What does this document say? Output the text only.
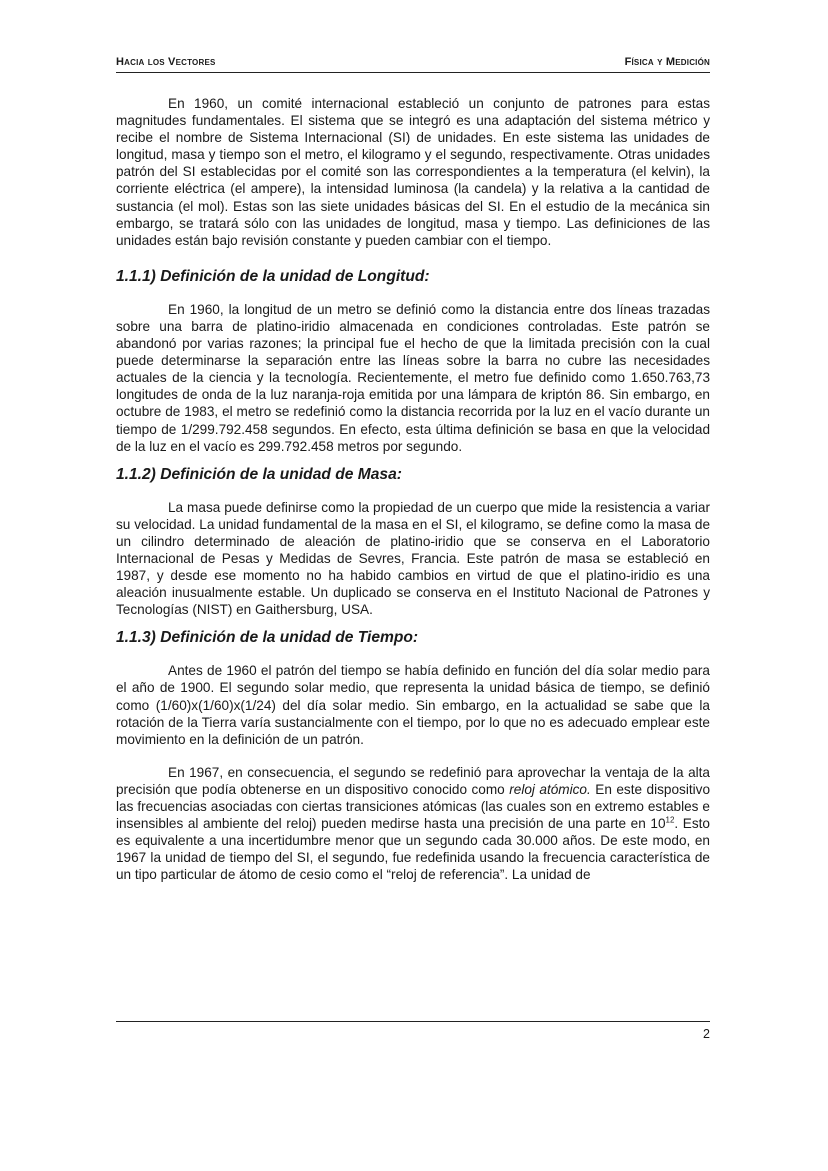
Hacia los Vectores	Física y Medición

En 1960, un comité internacional estableció un conjunto de patrones para estas magnitudes fundamentales. El sistema que se integró es una adaptación del sistema métrico y recibe el nombre de Sistema Internacional (SI) de unidades. En este sistema las unidades de longitud, masa y tiempo son el metro, el kilogramo y el segundo, respectivamente. Otras unidades patrón del SI establecidas por el comité son las correspondientes a la temperatura (el kelvin), la corriente eléctrica (el ampere), la intensidad luminosa (la candela) y la relativa a la cantidad de sustancia (el mol). Estas son las siete unidades básicas del SI. En el estudio de la mecánica sin embargo, se tratará sólo con las unidades de longitud, masa y tiempo. Las definiciones de las unidades están bajo revisión constante y pueden cambiar con el tiempo.

1.1.1) Definición de la unidad de Longitud:

En 1960, la longitud de un metro se definió como la distancia entre dos líneas trazadas sobre una barra de platino-iridio almacenada en condiciones controladas. Este patrón se abandonó por varias razones; la principal fue el hecho de que la limitada precisión con la cual puede determinarse la separación entre las líneas sobre la barra no cubre las necesidades actuales de la ciencia y la tecnología. Recientemente, el metro fue definido como 1.650.763,73 longitudes de onda de la luz naranja-roja emitida por una lámpara de kriptón 86. Sin embargo, en octubre de 1983, el metro se redefinió como la distancia recorrida por la luz en el vacío durante un tiempo de 1/299.792.458 segundos. En efecto, esta última definición se basa en que la velocidad de la luz en el vacío es 299.792.458 metros por segundo.

1.1.2) Definición de la unidad de Masa:

La masa puede definirse como la propiedad de un cuerpo que mide la resistencia a variar su velocidad. La unidad fundamental de la masa en el SI, el kilogramo, se define como la masa de un cilindro determinado de aleación de platino-iridio que se conserva en el Laboratorio Internacional de Pesas y Medidas de Sevres, Francia. Este patrón de masa se estableció en 1987, y desde ese momento no ha habido cambios en virtud de que el platino-iridio es una aleación inusualmente estable. Un duplicado se conserva en el Instituto Nacional de Patrones y Tecnologías (NIST) en Gaithersburg, USA.

1.1.3) Definición de la unidad de Tiempo:

Antes de 1960 el patrón del tiempo se había definido en función del día solar medio para el año de 1900. El segundo solar medio, que representa la unidad básica de tiempo, se definió como (1/60)x(1/60)x(1/24) del día solar medio. Sin embargo, en la actualidad se sabe que la rotación de la Tierra varía sustancialmente con el tiempo, por lo que no es adecuado emplear este movimiento en la definición de un patrón.

En 1967, en consecuencia, el segundo se redefinió para aprovechar la ventaja de la alta precisión que podía obtenerse en un dispositivo conocido como reloj atómico. En este dispositivo las frecuencias asociadas con ciertas transiciones atómicas (las cuales son en extremo estables e insensibles al ambiente del reloj) pueden medirse hasta una precisión de una parte en $10^{12}$. Esto es equivalente a una incertidumbre menor que un segundo cada 30.000 años. De este modo, en 1967 la unidad de tiempo del SI, el segundo, fue redefinida usando la frecuencia característica de un tipo particular de átomo de cesio como el “reloj de referencia”. La unidad de

2
